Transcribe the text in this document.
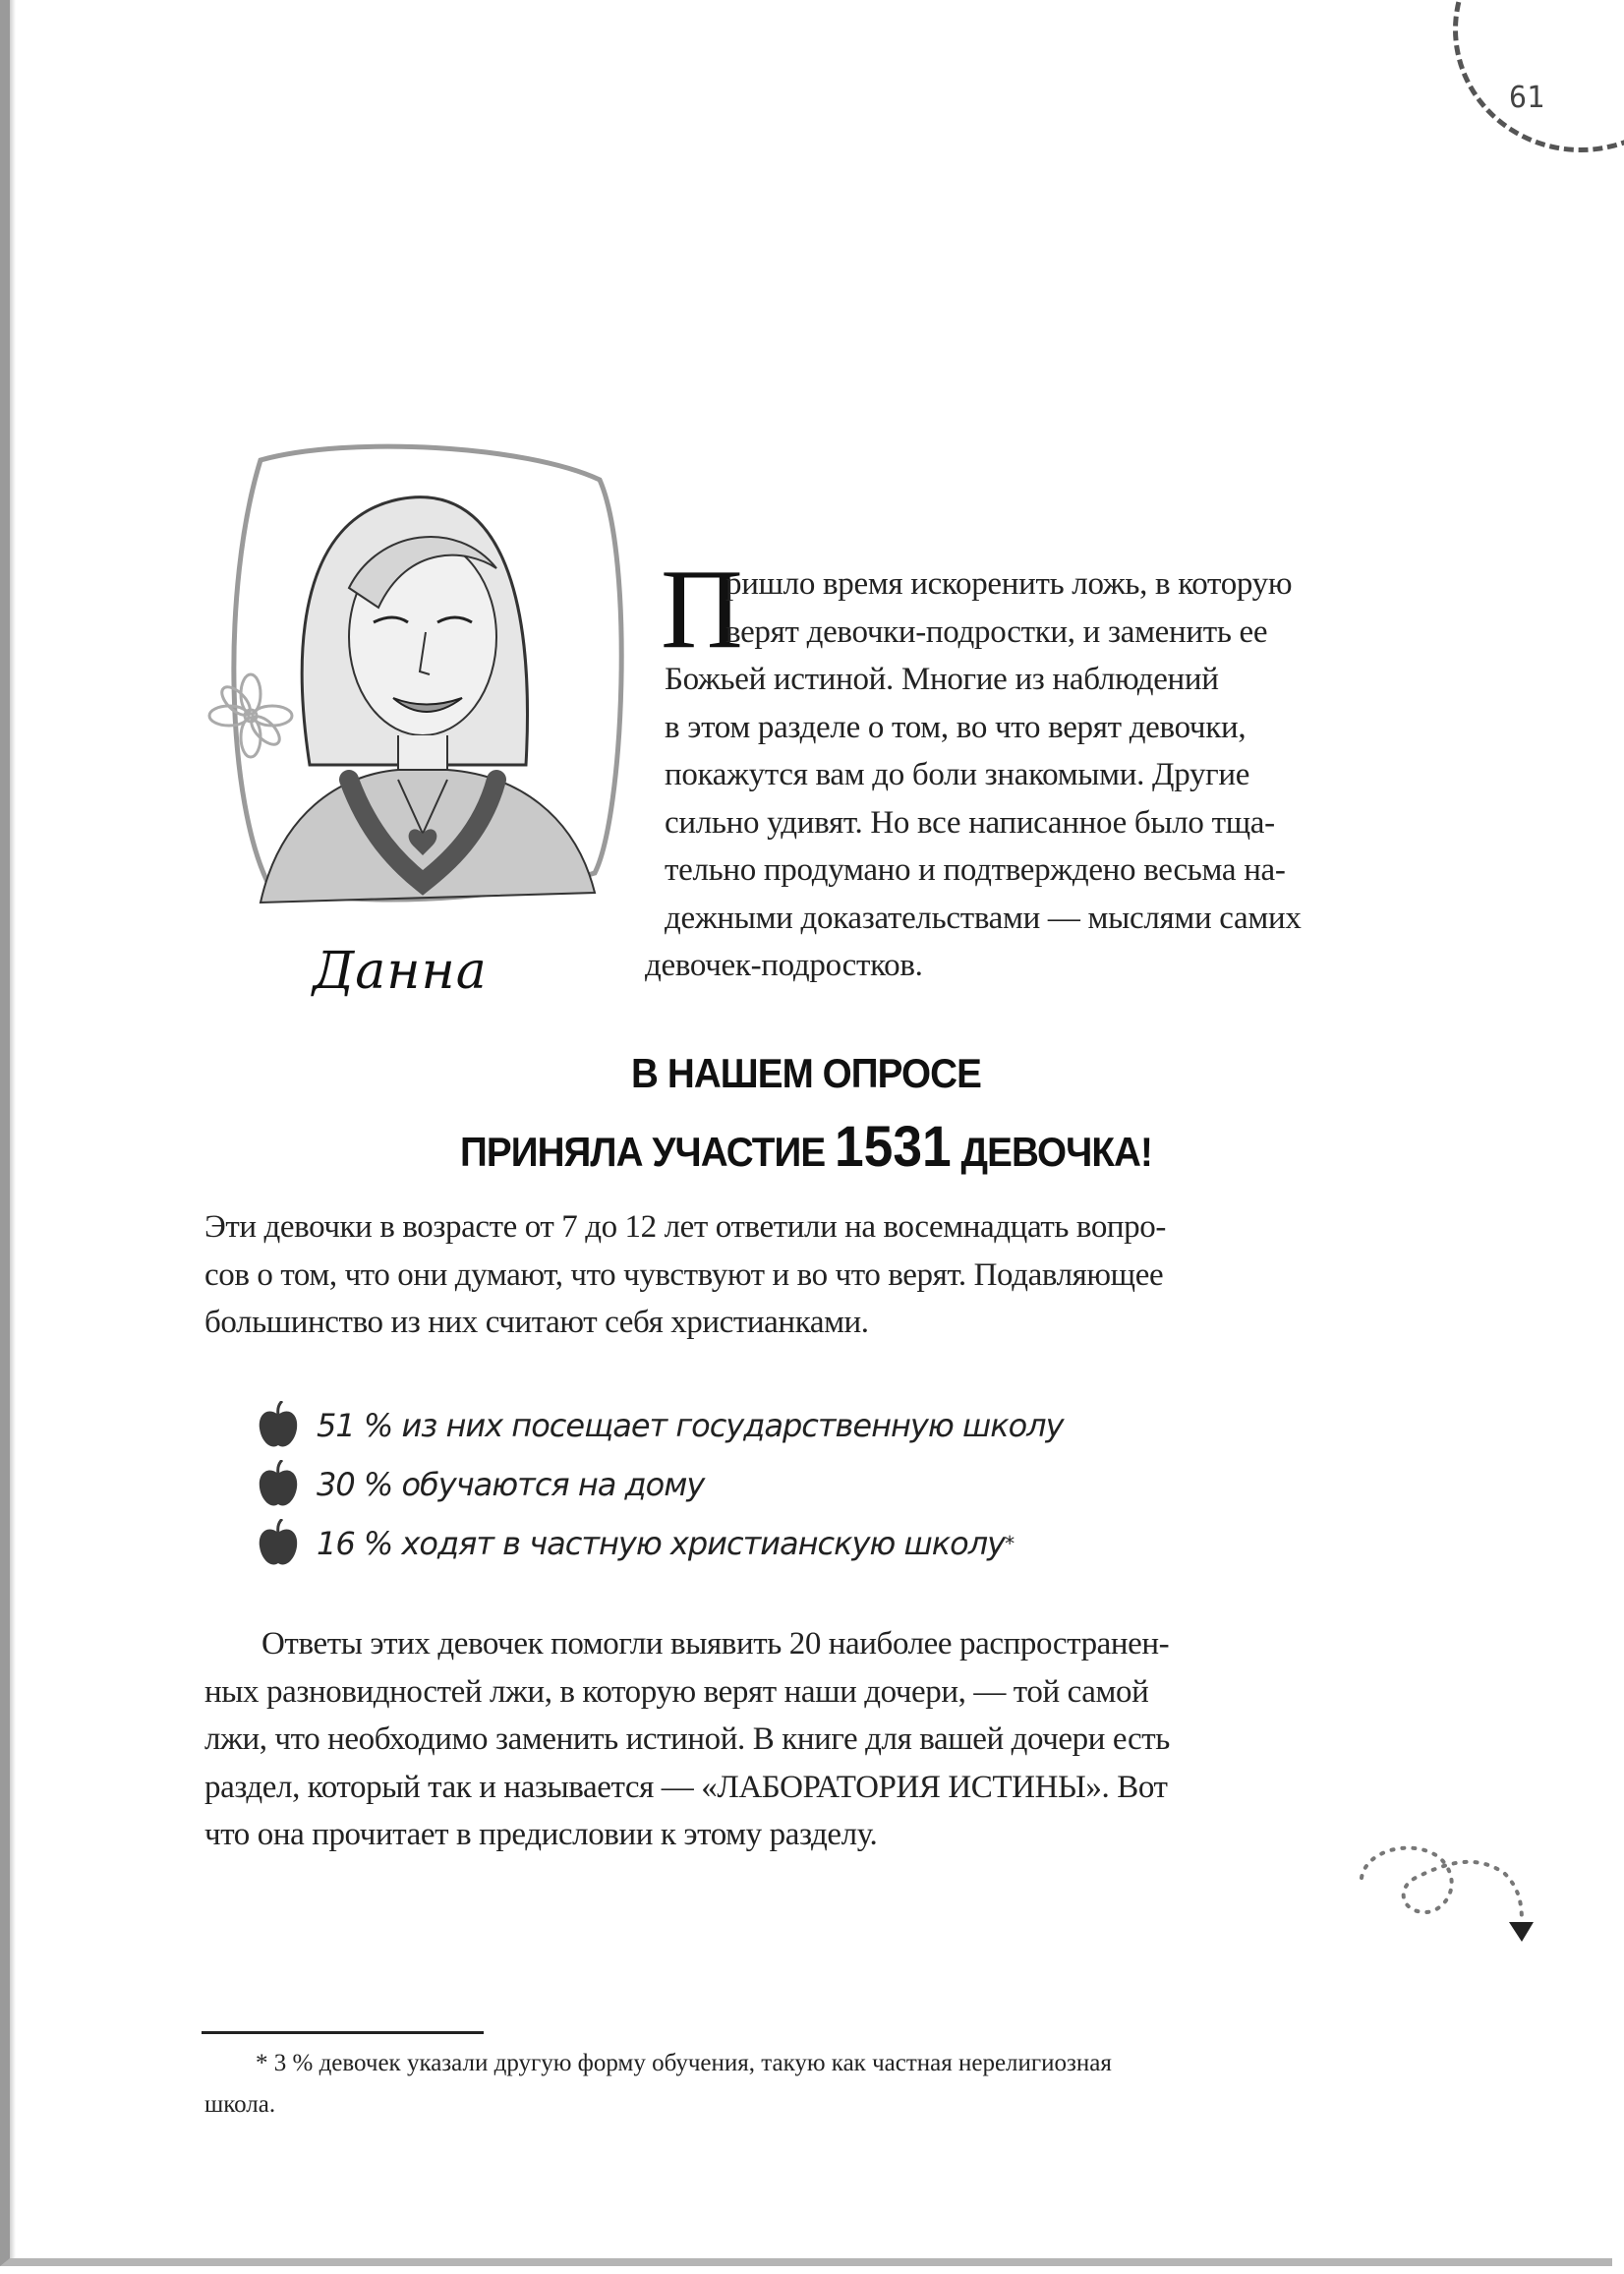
61
Данна
П
ришло время искоренить ложь, в которую
верят девочки-подростки, и заменить ее
Божьей истиной. Многие из наблюдений
в этом разделе о том, во что верят девочки,
покажутся вам до боли знакомыми. Другие
сильно удивят. Но все написанное было тща-
тельно продумано и подтверждено весьма на-
дежными доказательствами — мыслями самих
девочек-подростков.
В НАШЕМ ОПРОСЕ
ПРИНЯЛА УЧАСТИЕ 1531 ДЕВОЧКА!
Эти девочки в возрасте от 7 до 12 лет ответили на восемнадцать вопро-
сов о том, что они думают, что чувствуют и во что верят. Подавляющее
большинство из них считают себя христианками.
51 % из них посещает государственную школу
30 % обучаются на дому
16 % ходят в частную христианскую школу *
Ответы этих девочек помогли выявить 20 наиболее распространен-
ных разновидностей лжи, в которую верят наши дочери, — той самой
лжи, что необходимо заменить истиной. В книге для вашей дочери есть
раздел, который так и называется — «ЛАБОРАТОРИЯ ИСТИНЫ». Вот
что она прочитает в предисловии к этому разделу.
* 3 % девочек указали другую форму обучения, такую как частная нерелигиозная
школа.
